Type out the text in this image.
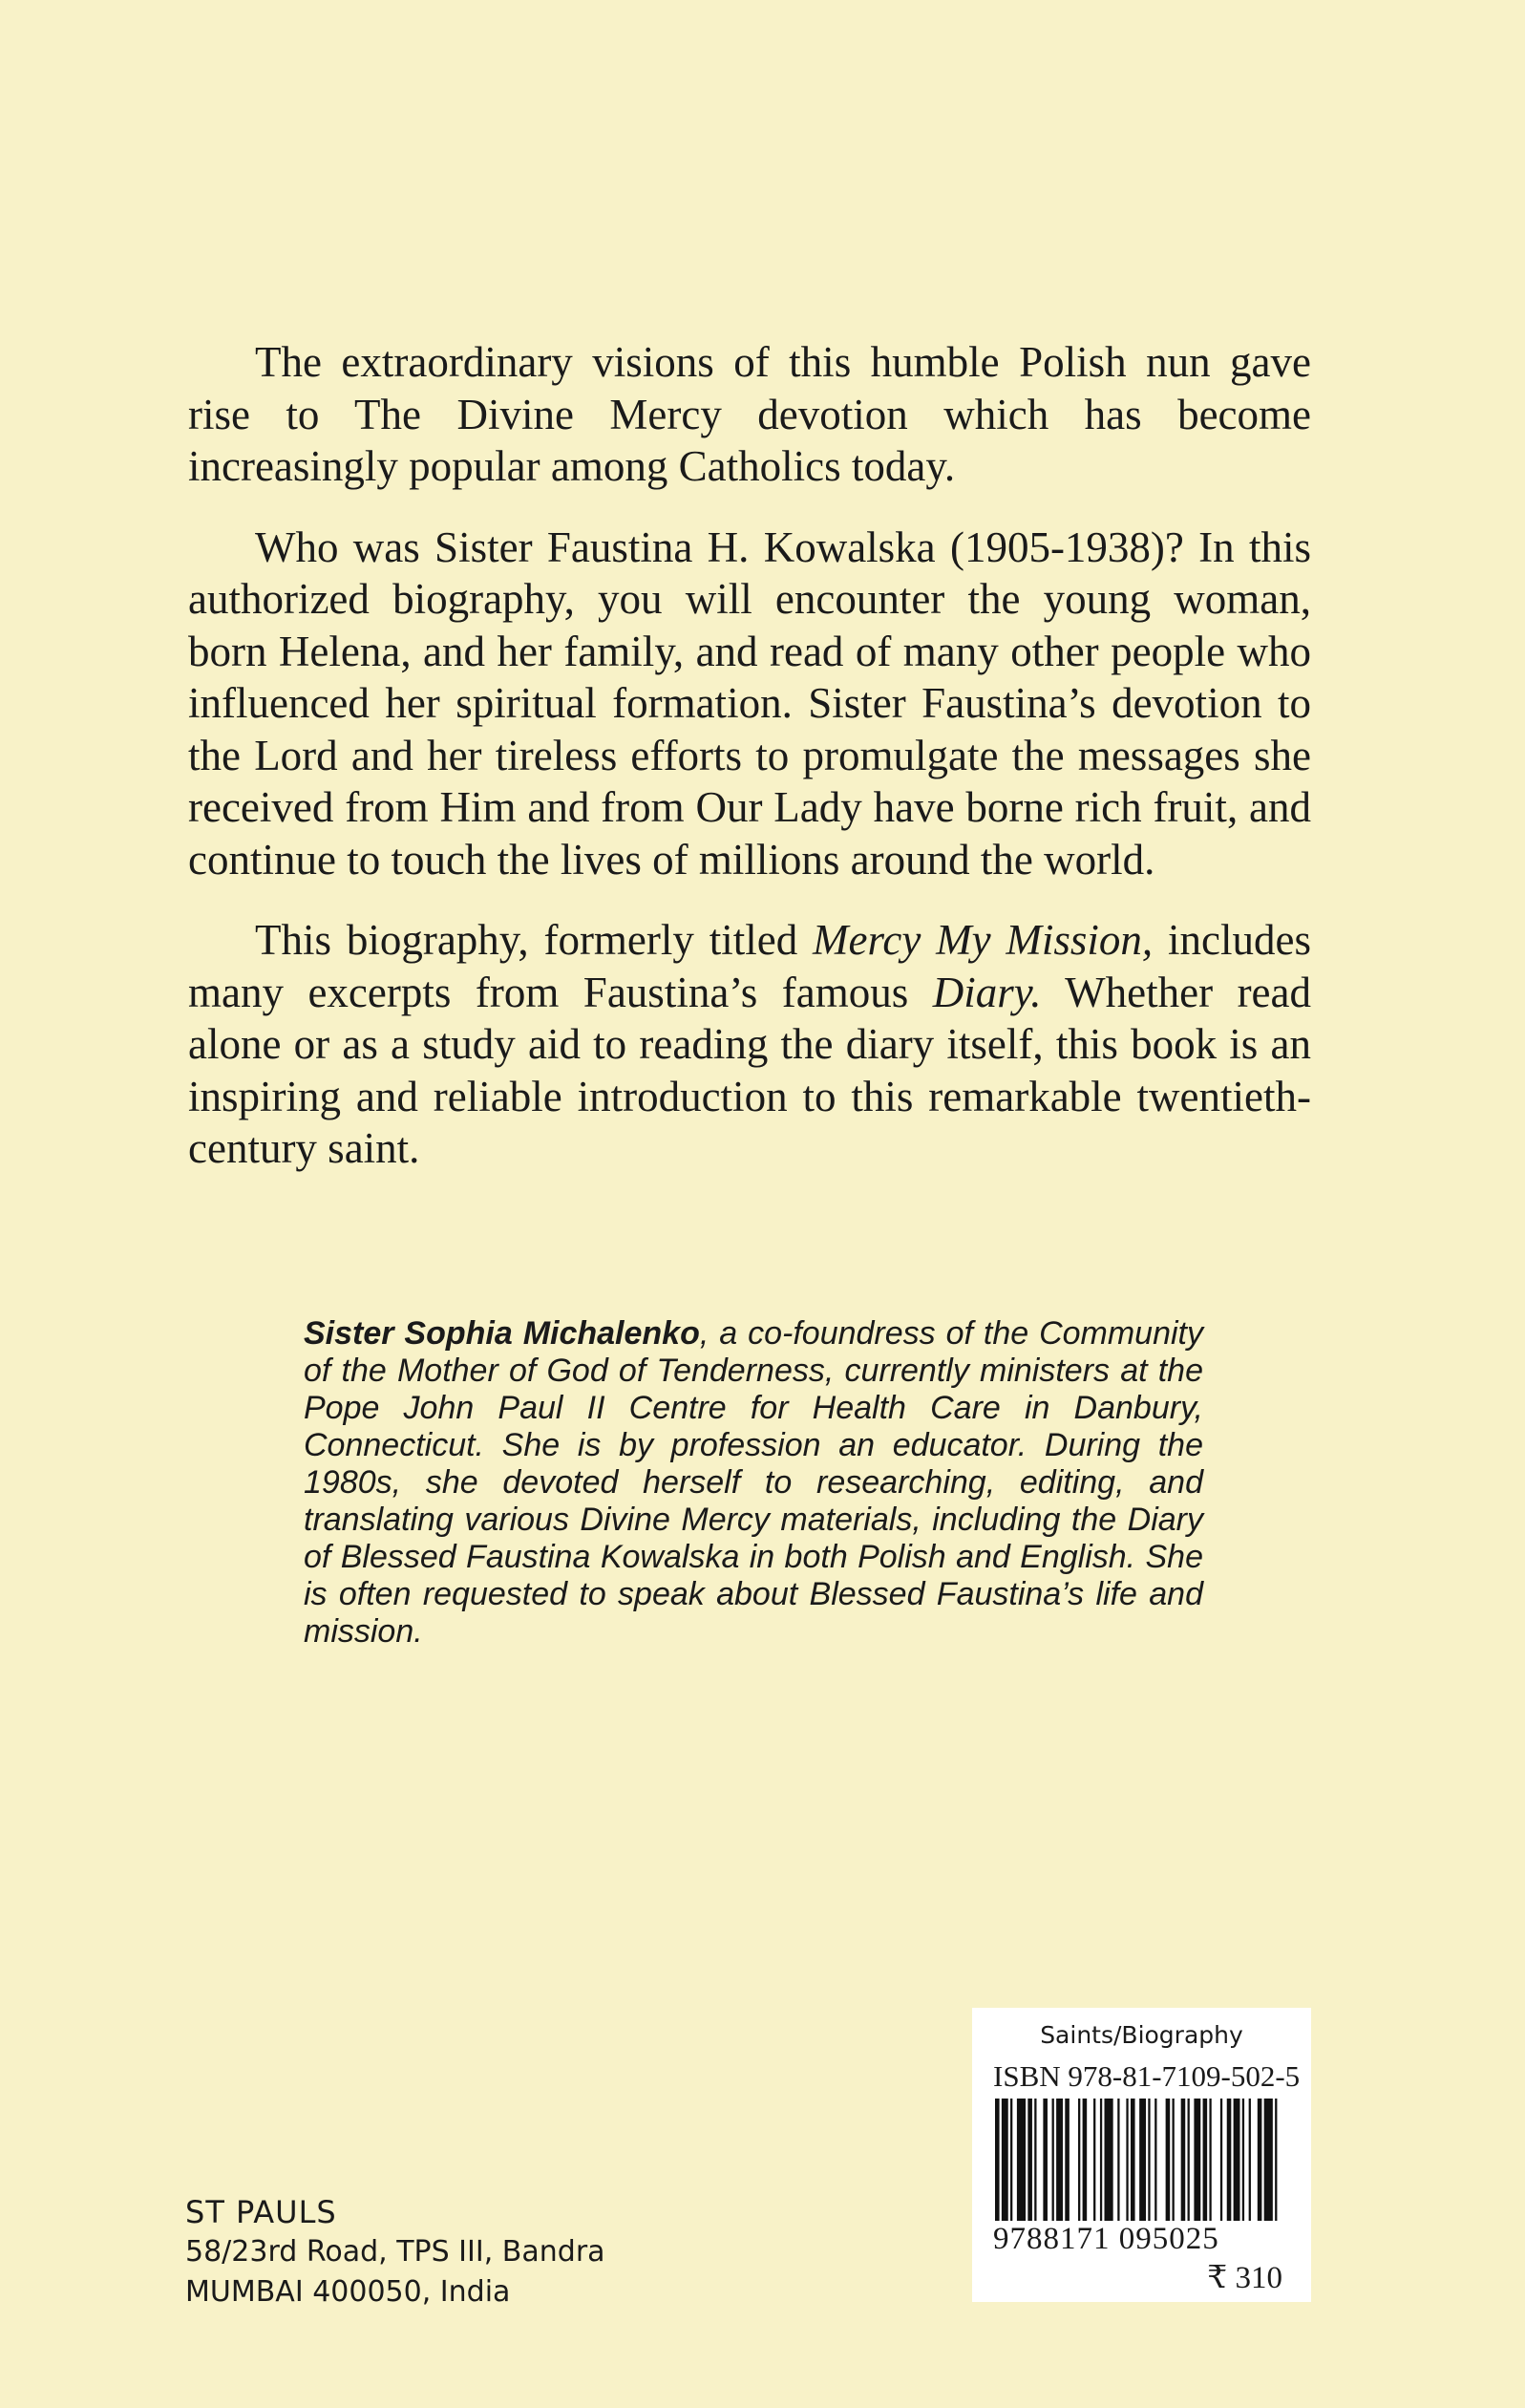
The extraordinary visions of this humble Polish nun gave rise to The Divine Mercy devotion which has become increasingly popular among Catholics today.

Who was Sister Faustina H. Kowalska (1905-1938)? In this authorized biography, you will encounter the young woman, born Helena, and her family, and read of many other people who influenced her spiritual formation. Sister Faustina’s devotion to the Lord and her tireless efforts to promulgate the messages she received from Him and from Our Lady have borne rich fruit, and continue to touch the lives of millions around the world.

This biography, formerly titled Mercy My Mission, includes many excerpts from Faustina’s famous Diary. Whether read alone or as a study aid to reading the diary itself, this book is an inspiring and reliable introduction to this remarkable twentieth-century saint.

Sister Sophia Michalenko, a co-foundress of the Community of the Mother of God of Tenderness, currently ministers at the Pope John Paul II Centre for Health Care in Danbury, Connecticut. She is by profession an educator. During the 1980s, she devoted herself to researching, editing, and translating various Divine Mercy materials, including the Diary of Blessed Faustina Kowalska in both Polish and English. She is often requested to speak about Blessed Faustina’s life and mission.
ST PAULS
58/23rd Road, TPS III, Bandra
MUMBAI 400050, India
Saints/Biography
ISBN 978-81-7109-502-5
9788171 095025
₹ 310
